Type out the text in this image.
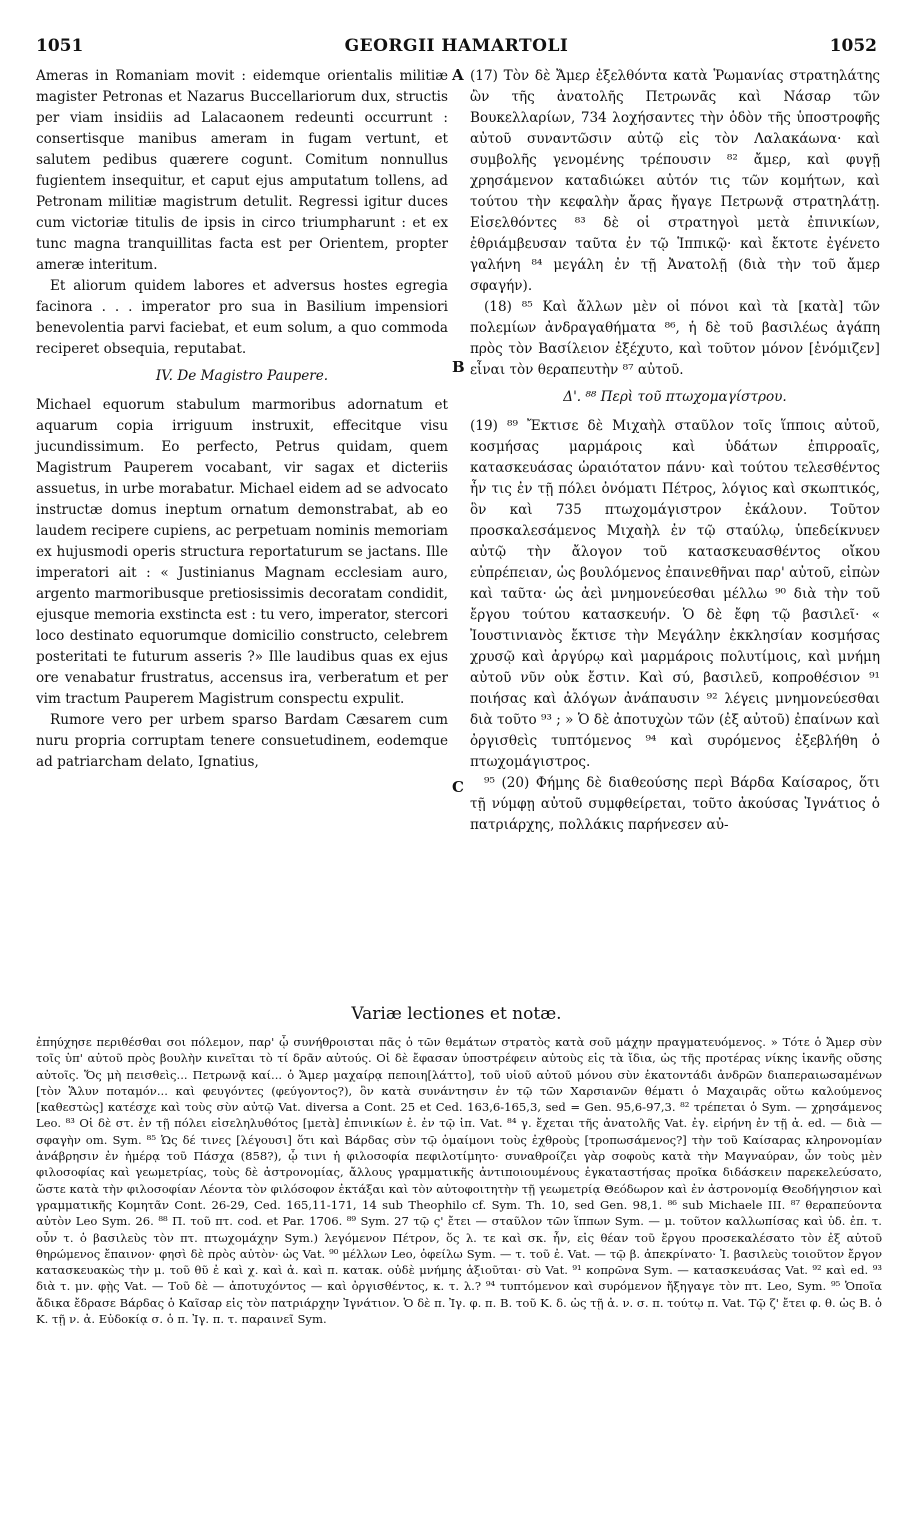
1051	GEORGII HAMARTOLI	1052

Ameras in Romaniam movit : eidemque orientalis militiæ magister Petronas et Nazarus Buccellariorum dux, structis per viam insidiis ad Lalacaonem redeunti occurrunt : consertisque manibus ameram in fugam vertunt, et salutem pedibus quærere cogunt. Comitum nonnullus fugientem insequitur, et caput ejus amputatum tollens, ad Petronam militiæ magistrum detulit. Regressi igitur duces cum victoriæ titulis de ipsis in circo triumpharunt : et ex tunc magna tranquillitas facta est per Orientem, propter ameræ interitum.

Et aliorum quidem labores et adversus hostes egregia facinora . . . imperator pro sua in Basilium impensiori benevolentia parvi faciebat, et eum solum, a quo commoda reciperet obsequia, reputabat.

IV. De Magistro Paupere.

Michael equorum stabulum marmoribus adornatum et aquarum copia irriguum instruxit, effecitque visu jucundissimum. Eo perfecto, Petrus quidam, quem Magistrum Pauperem vocabant, vir sagax et dicteriis assuetus, in urbe morabatur. Michael eidem ad se advocato instructæ domus ineptum ornatum demonstrabat, ab eo laudem recipere cupiens, ac perpetuam nominis memoriam ex hujusmodi operis structura reportaturum se jactans. Ille imperatori ait : « Justinianus Magnam ecclesiam auro, argento marmoribusque pretiosissimis decoratam condidit, ejusque memoria exstincta est : tu vero, imperator, stercori loco destinato equorumque domicilio constructo, celebrem posteritati te futurum asseris ?» Ille laudibus quas ex ejus ore venabatur frustratus, accensus ira, verberatum et per vim tractum Pauperem Magistrum conspectu expulit.

Rumore vero per urbem sparso Bardam Cæsarem cum nuru propria corruptam tenere consuetudinem, eodemque ad patriarcham delato, Ignatius,

A
B
C

(17) Τὸν δὲ Ἄμερ ἐξελθόντα κατὰ Ῥωμανίας στρατηλάτης ὢν τῆς ἀνατολῆς Πετρωνᾶς καὶ Νάσαρ τῶν Βουκελλαρίων, 734 λοχήσαντες τὴν ὁδὸν τῆς ὑποστροφῆς αὐτοῦ συναντῶσιν αὐτῷ εἰς τὸν Λαλακάωνα· καὶ συμβολῆς γενομένης τρέπουσιν ⁸² ἄμερ, καὶ φυγῇ χρησάμενον καταδιώκει αὐτόν τις τῶν κομήτων, καὶ τούτου τὴν κεφαλὴν ἄρας ἤγαγε Πετρωνᾷ στρατηλάτῃ. Εἰσελθόντες ⁸³ δὲ οἱ στρατηγοὶ μετὰ ἐπινικίων, ἐθριάμβευσαν ταῦτα ἐν τῷ Ἱππικῷ· καὶ ἔκτοτε ἐγένετο γαλήνη ⁸⁴ μεγάλη ἐν τῇ Ἀνατολῇ (διὰ τὴν τοῦ ἄμερ σφαγήν).

(18) ⁸⁵ Καὶ ἄλλων μὲν οἱ πόνοι καὶ τὰ [κατὰ] τῶν πολεμίων ἀνδραγαθήματα ⁸⁶, ἡ δὲ τοῦ βασιλέως ἀγάπη πρὸς τὸν Βασίλειον ἐξέχυτο, καὶ τοῦτον μόνον [ἐνόμιζεν] εἶναι τὸν θεραπευτὴν ⁸⁷ αὐτοῦ.

Δ'. ⁸⁸ Περὶ τοῦ πτωχομαγίστρου.

(19) ⁸⁹ Ἔκτισε δὲ Μιχαὴλ σταῦλον τοῖς ἵπποις αὐτοῦ, κοσμήσας μαρμάροις καὶ ὑδάτων ἐπιρροαῖς, κατασκευάσας ὡραιότατον πάνυ· καὶ τούτου τελεσθέντος ἦν τις ἐν τῇ πόλει ὀνόματι Πέτρος, λόγιος καὶ σκωπτικός, ὃν καὶ 735 πτωχομάγιστρον ἐκάλουν. Τοῦτον προσκαλεσάμενος Μιχαὴλ ἐν τῷ σταύλῳ, ὑπεδείκνυεν αὐτῷ τὴν ἄλογον τοῦ κατασκευασθέντος οἴκου εὐπρέπειαν, ὡς βουλόμενος ἐπαινεθῆναι παρ' αὐτοῦ, εἰπὼν καὶ ταῦτα· ὡς ἀεὶ μνημονεύεσθαι μέλλω ⁹⁰ διὰ τὴν τοῦ ἔργου τούτου κατασκευήν. Ὁ δὲ ἔφη τῷ βασιλεῖ· « Ἰουστινιανὸς ἔκτισε τὴν Μεγάλην ἐκκλησίαν κοσμήσας χρυσῷ καὶ ἀργύρῳ καὶ μαρμάροις πολυτίμοις, καὶ μνήμη αὐτοῦ νῦν οὐκ ἔστιν. Καὶ σύ, βασιλεῦ, κοπροθέσιον ⁹¹ ποιήσας καὶ ἀλόγων ἀνάπαυσιν ⁹² λέγεις μνημονεύεσθαι διὰ τοῦτο ⁹³ ; » Ὁ δὲ ἀποτυχὼν τῶν (ἐξ αὐτοῦ) ἐπαίνων καὶ ὀργισθεὶς τυπτόμενος ⁹⁴ καὶ συρόμενος ἐξεβλήθη ὁ πτωχομάγιστρος.

⁹⁵ (20) Φήμης δὲ διαθεούσης περὶ Βάρδα Καίσαρος, ὅτι τῇ νύμφῃ αὐτοῦ συμφθείρεται, τοῦτο ἀκούσας Ἰγνάτιος ὁ πατριάρχης, πολλάκις παρήνεσεν αὐ-

Variæ lectiones et notæ.

ἐπηύχησε περιθέσθαι σοι πόλεμον, παρ' ᾧ συνήθροισται πᾶς ὁ τῶν θεμάτων στρατὸς κατὰ σοῦ μάχην πραγματευόμενος. » Τότε ὁ Ἄμερ σὺν τοῖς ὑπ' αὐτοῦ πρὸς βουλὴν κινεῖται τὸ τί δρᾶν αὐτούς. Οἱ δὲ ἔφασαν ὑποστρέφειν αὐτοὺς εἰς τὰ ἴδια, ὡς τῆς προτέρας νίκης ἱκανῆς οὔσης αὐτοῖς. Ὅς μὴ πεισθεὶς... Πετρωνᾷ καί... ὁ Ἄμερ μαχαίρᾳ πεποιη[λάττο], τοῦ υἱοῦ αὐτοῦ μόνου σὺν ἑκατοντάδι ἀνδρῶν διαπεραιωσαμένων [τὸν Ἅλυν ποταμόν... καὶ φευγόντες (φεύγοντος?), ὃν κατὰ συνάντησιν ἐν τῷ τῶν Χαρσιανῶν θέματι ὁ Μαχαιρᾶς οὕτω καλούμενος [καθεστὼς] κατέσχε καὶ τοὺς σὺν αὐτῷ Vat. diversa a Cont. 25 et Ced. 163,6-165,3, sed = Gen. 95,6-97,3. ⁸² τρέπεται ὁ Sym. — χρησάμενος Leo. ⁸³ Οἱ δὲ στ. ἐν τῇ πόλει εἰσεληλυθότος [μετὰ] ἐπινικίων ἐ. ἐν τῷ ἱπ. Vat. ⁸⁴ γ. ἔχεται τῆς ἀνατολῆς Vat. ἐγ. εἰρήνη ἐν τῇ ἀ. ed. — διὰ — σφαγὴν om. Sym. ⁸⁵ Ὡς δέ τινες [λέγουσι] ὅτι καὶ Βάρδας σὺν τῷ ὁμαίμονι τοὺς ἐχθροὺς [τροπωσάμενος?] τὴν τοῦ Καίσαρας κληρονομίαν ἀνάβρησιν ἐν ἡμέρᾳ τοῦ Πάσχα (858?), ᾧ τινι ἡ φιλοσοφία πεφιλοτίμητο· συναθροίζει γὰρ σοφοὺς κατὰ τὴν Μαγναύραν, ὧν τοὺς μὲν φιλοσοφίας καὶ γεωμετρίας, τοὺς δὲ ἀστρονομίας, ἄλλους γραμματικῆς ἀντιποιουμένους ἐγκαταστήσας προῖκα διδάσκειν παρεκελεύσατο, ὥστε κατὰ τὴν φιλοσοφίαν Λέοντα τὸν φιλόσοφον ἐκτάξαι καὶ τὸν αὐτοφοιτητὴν τῇ γεωμετρίᾳ Θεόδωρον καὶ ἐν ἀστρονομίᾳ Θεοδήγησιον καὶ γραμματικῆς Κομητᾶν Cont. 26-29, Ced. 165,11-171, 14 sub Theophilo cf. Sym. Th. 10, sed Gen. 98,1. ⁸⁶ sub Michaele III. ⁸⁷ θεραπεύοντα αὐτὸν Leo Sym. 26. ⁸⁸ Π. τοῦ πτ. cod. et Par. 1706. ⁸⁹ Sym. 27 τῷ ς' ἔτει — σταῦλον τῶν ἵππων Sym. — μ. τοῦτον καλλωπίσας καὶ ὑδ. ἐπ. τ. οὖν τ. ὁ βασιλεὺς τὸν πτ. πτωχομάχην Sym.) λεγόμενον Πέτρον, ὅς λ. τε καὶ σκ. ἦν, εἰς θέαν τοῦ ἔργου προσεκαλέσατο τὸν ἐξ αὐτοῦ θηρώμενος ἔπαινον· φησὶ δὲ πρὸς αὐτὸν· ὡς Vat. ⁹⁰ μέλλων Leo, ὀφείλω Sym. — τ. τοῦ ἐ. Vat. — τῷ β. ἀπεκρίνατο· Ἰ. βασιλεὺς τοιοῦτον ἔργον κατασκευακὼς τὴν μ. τοῦ θῦ ἐ καὶ χ. καὶ ἀ. καὶ π. κατακ. οὐδὲ μνήμης ἀξιοῦται· σὺ Vat. ⁹¹ κοπρῶνα Sym. — κατασκευάσας Vat. ⁹² καὶ ed. ⁹³ διὰ τ. μν. φῂς Vat. — Τοῦ δὲ — ἀποτυχόντος — καὶ ὀργισθέντος, κ. τ. λ.? ⁹⁴ τυπτόμενον καὶ συρόμενον ἤξηγαγε τὸν πτ. Leo, Sym. ⁹⁵ Ὁποῖα ἄδικα ἔδρασε Βάρδας ὁ Καῖσαρ εἰς τὸν πατριάρχην Ἰγνάτιον. Ὁ δὲ π. Ἰγ. φ. π. B. τοῦ K. δ. ὡς τῇ ἀ. ν. σ. π. τούτῳ π. Vat. Τῷ ζ' ἔτει φ. θ. ὡς B. ὁ K. τῇ ν. ἀ. Εὐδοκίᾳ σ. ὁ π. Ἰγ. π. τ. παραινεῖ Sym.
